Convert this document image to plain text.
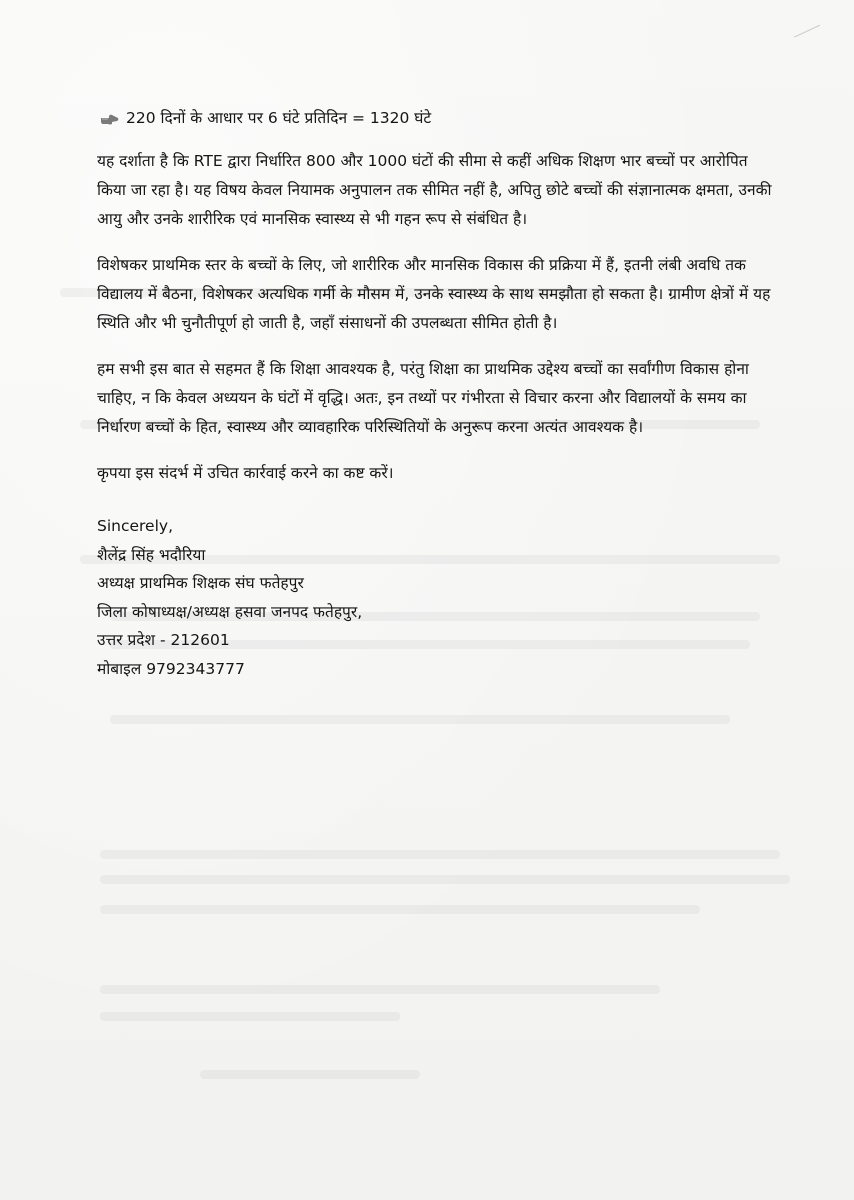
220 दिनों के आधार पर 6 घंटे प्रतिदिन = 1320 घंटे

यह दर्शाता है कि RTE द्वारा निर्धारित 800 और 1000 घंटों की सीमा से कहीं अधिक शिक्षण भार बच्चों पर आरोपित किया जा रहा है। यह विषय केवल नियामक अनुपालन तक सीमित नहीं है, अपितु छोटे बच्चों की संज्ञानात्मक क्षमता, उनकी आयु और उनके शारीरिक एवं मानसिक स्वास्थ्य से भी गहन रूप से संबंधित है।

विशेषकर प्राथमिक स्तर के बच्चों के लिए, जो शारीरिक और मानसिक विकास की प्रक्रिया में हैं, इतनी लंबी अवधि तक विद्यालय में बैठना, विशेषकर अत्यधिक गर्मी के मौसम में, उनके स्वास्थ्य के साथ समझौता हो सकता है। ग्रामीण क्षेत्रों में यह स्थिति और भी चुनौतीपूर्ण हो जाती है, जहाँ संसाधनों की उपलब्धता सीमित होती है।

हम सभी इस बात से सहमत हैं कि शिक्षा आवश्यक है, परंतु शिक्षा का प्राथमिक उद्देश्य बच्चों का सर्वांगीण विकास होना चाहिए, न कि केवल अध्ययन के घंटों में वृद्धि। अतः, इन तथ्यों पर गंभीरता से विचार करना और विद्यालयों के समय का निर्धारण बच्चों के हित, स्वास्थ्य और व्यावहारिक परिस्थितियों के अनुरूप करना अत्यंत आवश्यक है।

कृपया इस संदर्भ में उचित कार्रवाई करने का कष्ट करें।

Sincerely,
शैलेंद्र सिंह भदौरिया
अध्यक्ष प्राथमिक शिक्षक संघ फतेहपुर
जिला कोषाध्यक्ष/अध्यक्ष हसवा जनपद फतेहपुर,
उत्तर प्रदेश - 212601
मोबाइल 9792343777
